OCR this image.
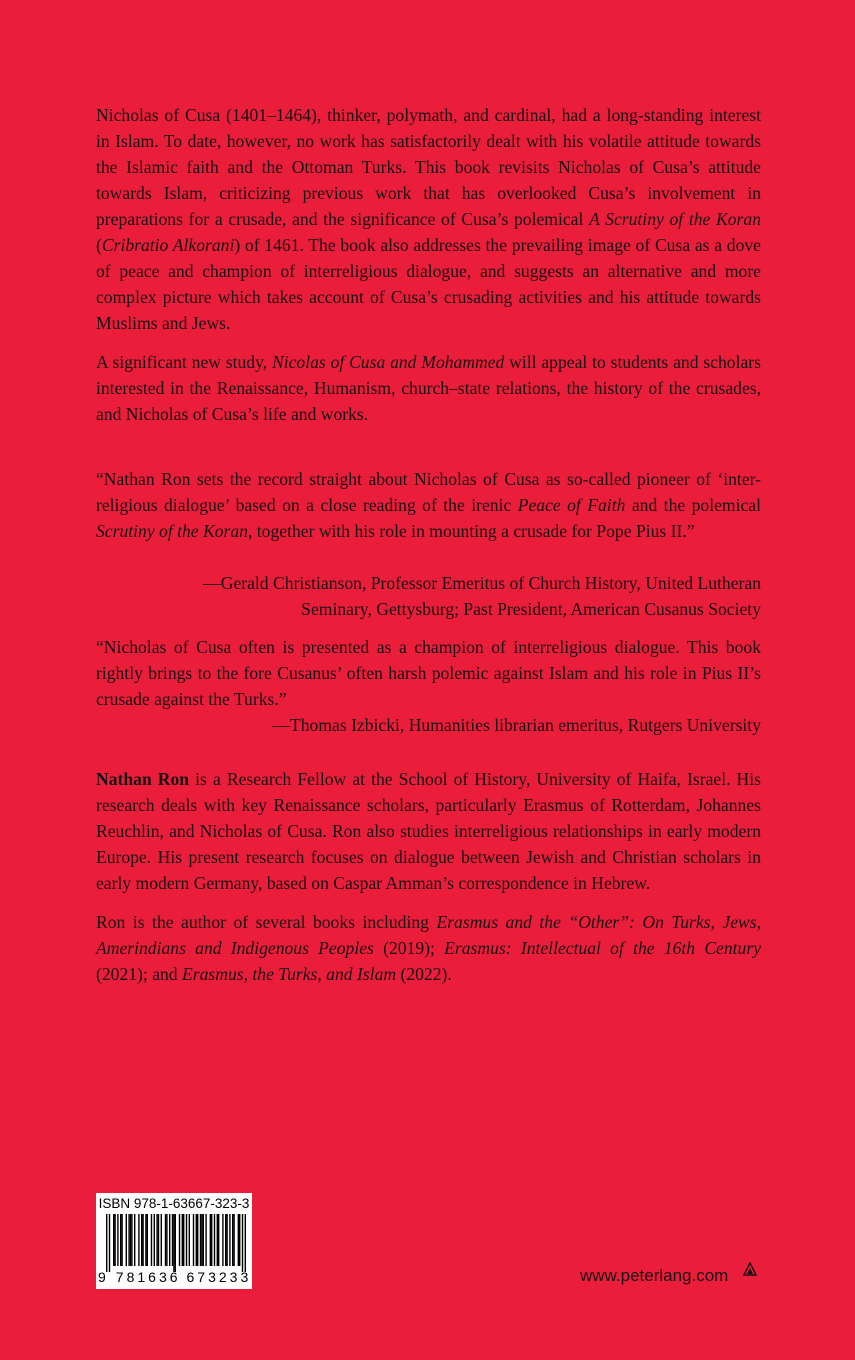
Nicholas of Cusa (1401–1464), thinker, polymath, and cardinal, had a long-standing interest in Islam. To date, however, no work has satisfactorily dealt with his volatile attitude towards the Islamic faith and the Ottoman Turks. This book revisits Nicholas of Cusa’s attitude towards Islam, criticizing previous work that has overlooked Cusa’s involvement in preparations for a crusade, and the significance of Cusa’s polemical A Scrutiny of the Koran (Cribratio Alkorani) of 1461. The book also addresses the prevailing image of Cusa as a dove of peace and champion of interreligious dialogue, and suggests an alternative and more complex picture which takes account of Cusa’s crusading activities and his attitude towards Muslims and Jews.

A significant new study, Nicolas of Cusa and Mohammed will appeal to students and scholars interested in the Renaissance, Humanism, church–state relations, the history of the crusades, and Nicholas of Cusa’s life and works.

“Nathan Ron sets the record straight about Nicholas of Cusa as so-called pioneer of ‘inter-religious dialogue’ based on a close reading of the irenic Peace of Faith and the polemical Scrutiny of the Koran, together with his role in mounting a crusade for Pope Pius II.”

—Gerald Christianson, Professor Emeritus of Church History, United Lutheran
Seminary, Gettysburg; Past President, American Cusanus Society

“Nicholas of Cusa often is presented as a champion of interreligious dialogue. This book rightly brings to the fore Cusanus’ often harsh polemic against Islam and his role in Pius II’s crusade against the Turks.”

—Thomas Izbicki, Humanities librarian emeritus, Rutgers University

Nathan Ron is a Research Fellow at the School of History, University of Haifa, Israel. His research deals with key Renaissance scholars, particularly Erasmus of Rotterdam, Johannes Reuchlin, and Nicholas of Cusa. Ron also studies interreligious relationships in early modern Europe. His present research focuses on dialogue between Jewish and Christian scholars in early modern Germany, based on Caspar Amman’s correspondence in Hebrew.

Ron is the author of several books including Erasmus and the “Other”: On Turks, Jews, Amerindians and Indigenous Peoples (2019); Erasmus: Intellectual of the 16th Century (2021); and Erasmus, the Turks, and Islam (2022).

ISBN 978-1-63667-323-3
9 781636 673233	www.peterlang.com
